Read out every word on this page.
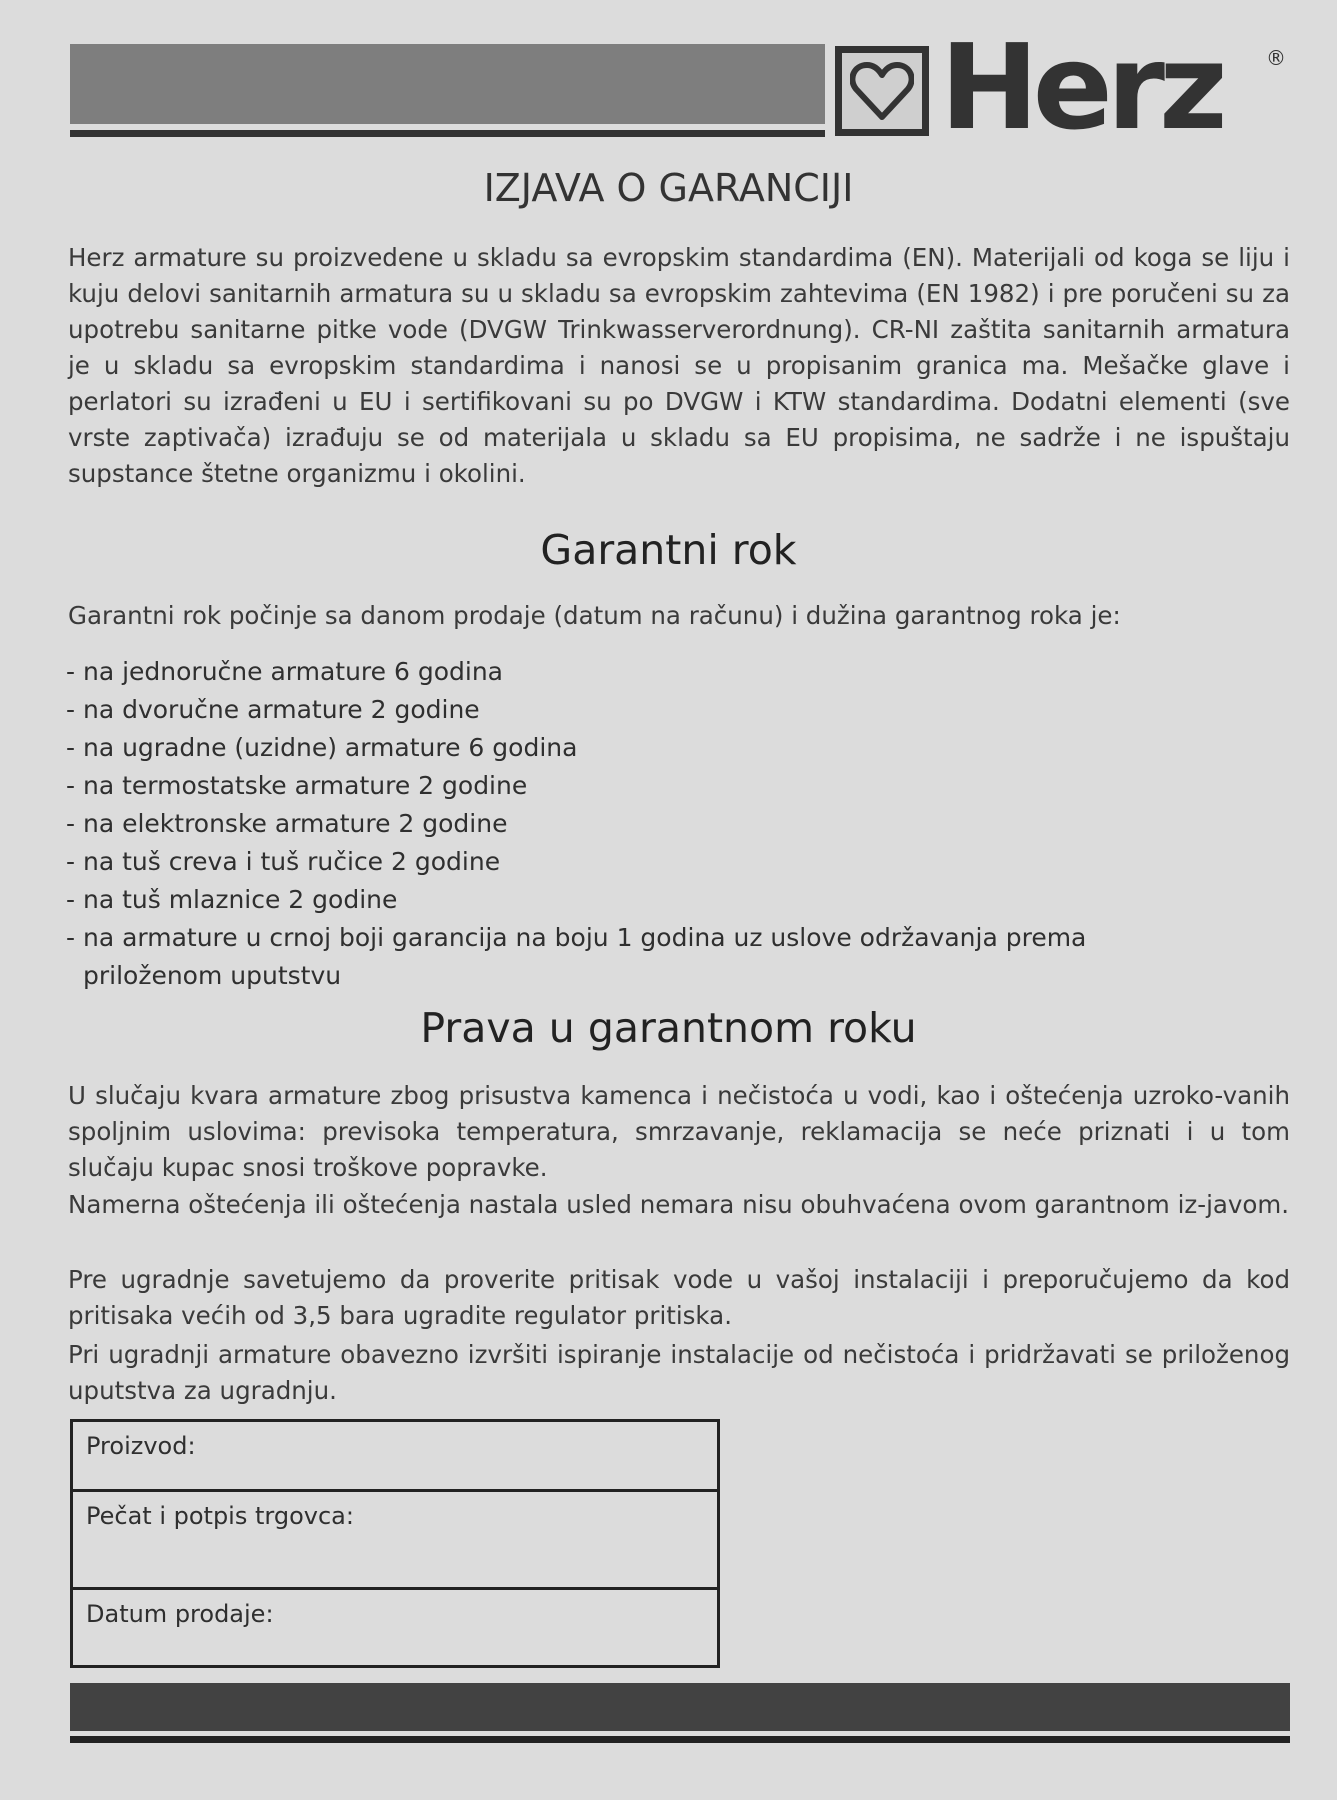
Herz ®
IZJAVA O GARANCIJI
Herz armature su proizvedene u skladu sa evropskim standardima (EN). Materijali od koga se liju i kuju delovi sanitarnih armatura su u skladu sa evropskim zahtevima (EN 1982) i pre poručeni su za upotrebu sanitarne pitke vode (DVGW Trinkwasserverordnung). CR-NI zaštita sanitarnih armatura je u skladu sa evropskim standardima i nanosi se u propisanim granica ma. Mešačke glave i perlatori su izrađeni u EU i sertifikovani su po DVGW i KTW standardima. Dodatni elementi (sve vrste zaptivača) izrađuju se od materijala u skladu sa EU propisima, ne sadrže i ne ispuštaju supstance štetne organizmu i okolini.
Garantni rok
Garantni rok počinje sa danom prodaje (datum na računu) i dužina garantnog roka je:
- na jednoručne armature 6 godina
- na dvoručne armature 2 godine
- na ugradne (uzidne) armature 6 godina
- na termostatske armature 2 godine
- na elektronske armature 2 godine
- na tuš creva i tuš ručice 2 godine
- na tuš mlaznice 2 godine
- na armature u crnoj boji garancija na boju 1 godina uz uslove održavanja prema priloženom uputstvu
Prava u garantnom roku
U slučaju kvara armature zbog prisustva kamenca i nečistoća u vodi, kao i oštećenja uzroko-vanih spoljnim uslovima: previsoka temperatura, smrzavanje, reklamacija se neće priznati i u tom slučaju kupac snosi troškove popravke.
Namerna oštećenja ili oštećenja nastala usled nemara nisu obuhvaćena ovom garantnom iz-javom.
Pre ugradnje savetujemo da proverite pritisak vode u vašoj instalaciji i preporučujemo da kod pritisaka većih od 3,5 bara ugradite regulator pritiska.
Pri ugradnji armature obavezno izvršiti ispiranje instalacije od nečistoća i pridržavati se priloženog uputstva za ugradnju.
Proizvod:
Pečat i potpis trgovca:
Datum prodaje:
